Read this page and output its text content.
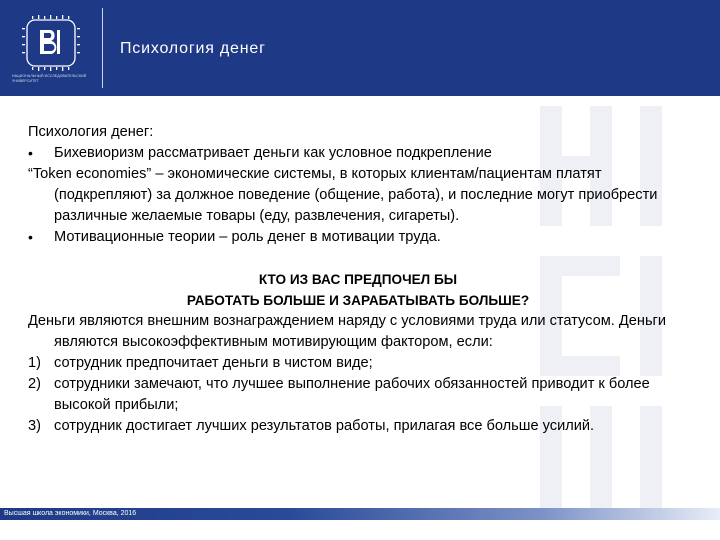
НАЦИОНАЛЬНЫЙ ИССЛЕДОВАТЕЛЬСКИЙ УНИВЕРСИТЕТ
Психология денег

Психология денег:

• Бихевиоризм рассматривает деньги как условное подкрепление

“Token economies” – экономические системы, в которых клиентам/пациентам платят (подкрепляют) за должное поведение (общение, работа), и последние могут приобрести различные желаемые товары (еду, развлечения, сигареты).

• Мотивационные теории – роль денег в мотивации труда.

КТО ИЗ ВАС ПРЕДПОЧЕЛ БЫ

РАБОТАТЬ БОЛЬШЕ И ЗАРАБАТЫВАТЬ БОЛЬШЕ?

Деньги являются внешним вознаграждением наряду с условиями труда или статусом. Деньги являются высокоэффективным мотивирующим фактором, если:

1) сотрудник предпочитает деньги в чистом виде;

2) сотрудники замечают, что лучшее выполнение рабочих обязанностей приводит к более высокой прибыли;

3) сотрудник достигает лучших результатов работы, прилагая все больше усилий.

Высшая школа экономики, Москва, 2016
